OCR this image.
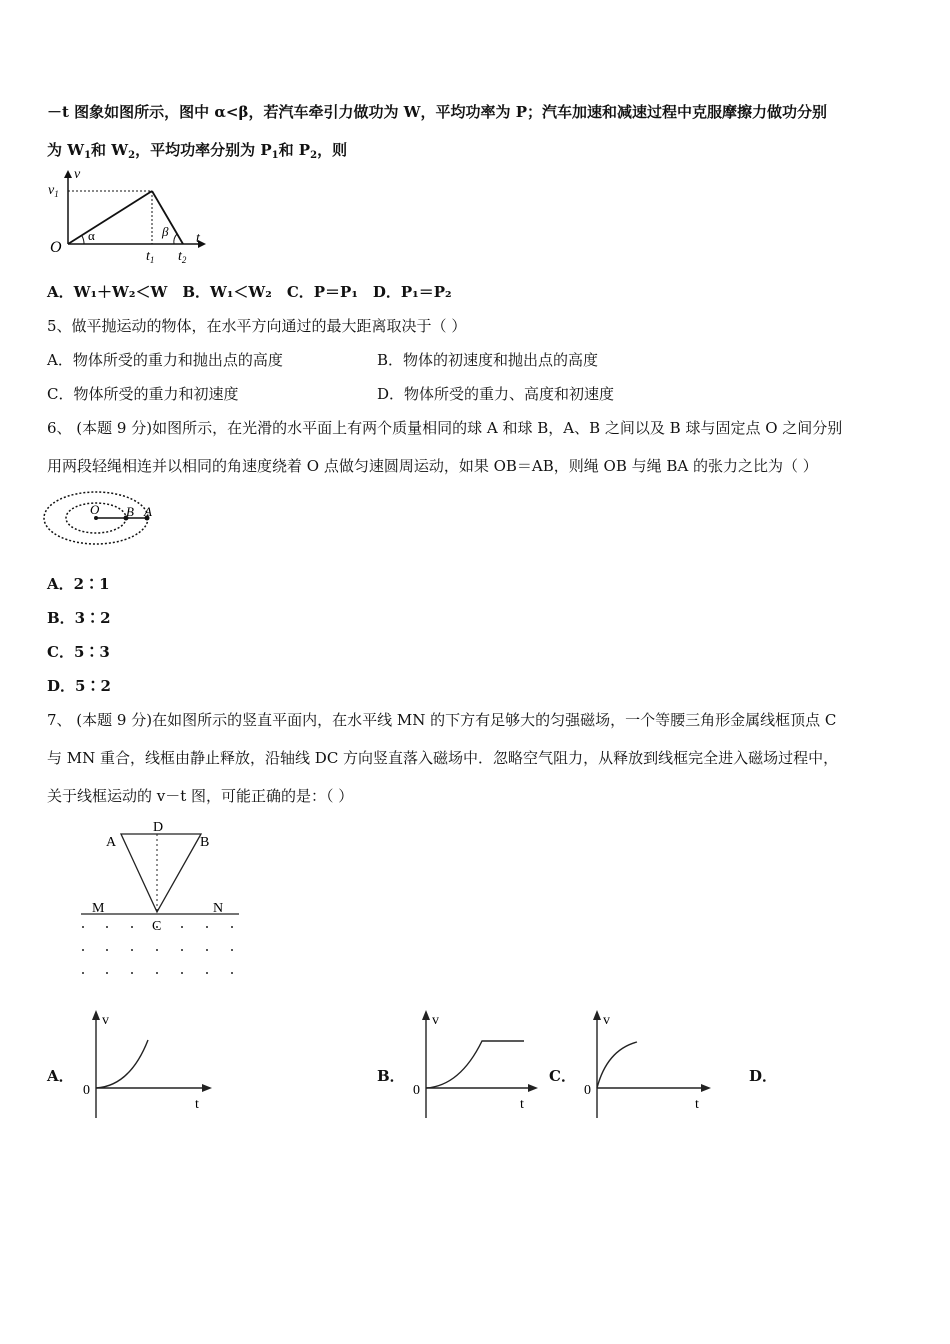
－t 图象如图所示，图中 α<β，若汽车牵引力做功为 W，平均功率为 P；汽车加速和减速过程中克服摩擦力做功分别
为 $W_1$和 $W_2$，平均功率分别为 $P_1$和 $P_2$，则
v
$v_1$
O
α	β t
$t_1$ $t_2$
A．W₁＋W₂＜W　B．W₁＜W₂　C．P＝P₁　D．P₁＝P₂
5、做平抛运动的物体，在水平方向通过的最大距离取决于（ ）
A．物体所受的重力和抛出点的高度	B．物体的初速度和抛出点的高度
C．物体所受的重力和初速度	D．物体所受的重力、高度和初速度
6、 (本题 9 分)如图所示，在光滑的水平面上有两个质量相同的球 A 和球 B，A、B 之间以及 B 球与固定点 O 之间分别
用两段轻绳相连并以相同的角速度绕着 O 点做匀速圆周运动，如果 OB＝AB，则绳 OB 与绳 BA 的张力之比为（ ）
O B A
A．2∶1
B．3∶2
C．5∶3
D．5∶2
7、 (本题 9 分)在如图所示的竖直平面内，在水平线 MN 的下方有足够大的匀强磁场，一个等腰三角形金属线框顶点 C
与 MN 重合，线框由静止释放，沿轴线 DC 方向竖直落入磁场中．忽略空气阻力，从释放到线框完全进入磁场过程中，
关于线框运动的 v－t 图，可能正确的是：（ ）
D
A	B
M	N
C
A．
v
0
t
B．
v
0
t
C．
v
0
t
D．
